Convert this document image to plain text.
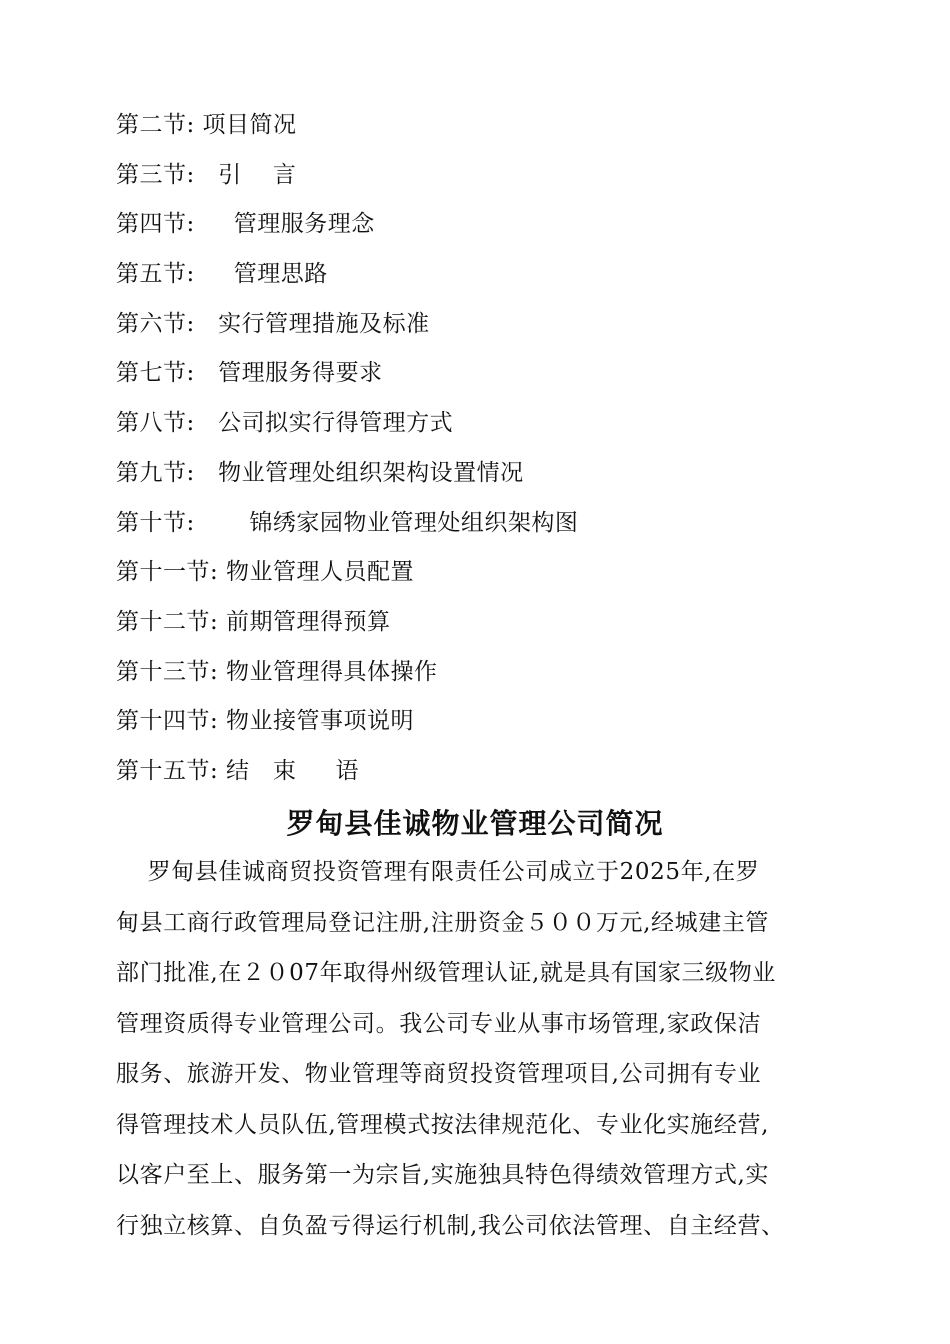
第二节: 项目简况
第三节:   引    言
第四节:     管理服务理念
第五节:     管理思路
第六节:   实行管理措施及标准
第七节:   管理服务得要求
第八节:   公司拟实行得管理方式
第九节:   物业管理处组织架构设置情况
第十节:       锦绣家园物业管理处组织架构图
第十一节: 物业管理人员配置
第十二节: 前期管理得预算
第十三节: 物业管理得具体操作
第十四节: 物业接管事项说明
第十五节: 结   束     语
罗甸县佳诚物业管理公司简况
罗甸县佳诚商贸投资管理有限责任公司成立于2025年,在罗
甸县工商行政管理局登记注册,注册资金５００万元,经城建主管
部门批准,在２０07年取得州级管理认证,就是具有国家三级物业
管理资质得专业管理公司。我公司专业从事市场管理,家政保洁
服务、旅游开发、物业管理等商贸投资管理项目,公司拥有专业
得管理技术人员队伍,管理模式按法律规范化、专业化实施经营,
以客户至上、服务第一为宗旨,实施独具特色得绩效管理方式,实
行独立核算、自负盈亏得运行机制,我公司依法管理、自主经营、
